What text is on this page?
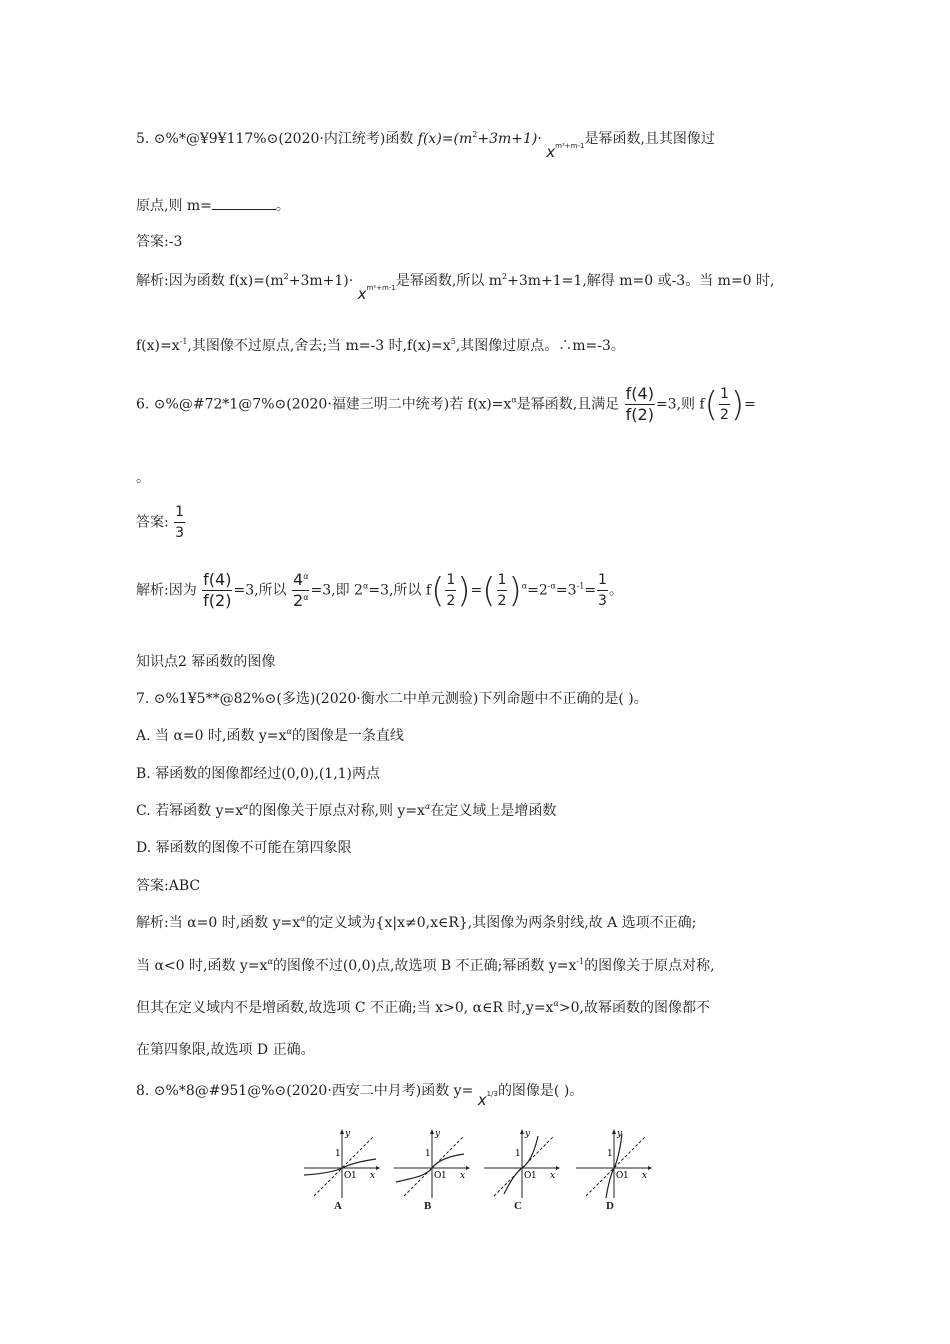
5. ⊙%*@¥9¥117%⊙(2020·内江统考)函数 $f(x)=(m^2+3m+1)\cdot x^{m^2+m-1}$是幂函数,且其图像过
原点,则 m=	。
答案:-3
解析:因为函数 $f(x)=(m^2+3m+1)\cdot x^{m^2+m-1}$是幂函数,所以 $m^2+3m+1=1$,解得 m=0 或-3。当 m=0 时,
$f(x)=x^{-1}$,其图像不过原点,舍去;当 m=-3 时$,f(x)=x^5$,其图像过原点。∴m=-3。
6. ⊙%@#72*1@7%⊙(2020·福建三明二中统考)若 $f(x)=x^\alpha$是幂函数,且满足 $\frac{f(4)}{f(2)} =3$,则 $f( \frac{1}{2}$ )=
。
答案: $\frac{1}{3}$
解析:因为 $\frac{f(4)}{f(2)} =3$,所以 $\frac{4^\alpha}{2^\alpha} =3$,即 $2^\alpha=3$,所以 $f( \frac{1}{2}$ )=( $\frac{1}{2} )^\alpha=2^{-\alpha}=3^{-1}= \frac{1}{3}$ 。
知识点2 幂函数的图像
7. ⊙%1¥5**@82%⊙(多选)(2020·衡水二中单元测验)下列命题中不正确的是( )。
A. 当 α=0 时,函数 $y=x^\alpha$的图像是一条直线
B. 幂函数的图像都经过(0,0),(1,1)两点
C. 若幂函数 $y=x^\alpha$的图像关于原点对称,则 $y=x^\alpha$在定义域上是增函数
D. 幂函数的图像不可能在第四象限
答案:ABC
解析:当 α=0 时,函数 $y=x^\alpha$的定义域为{x|x≠0,x∈R},其图像为两条射线,故 A 选项不正确;
当 α<0 时,函数 $y=x^\alpha$的图像不过(0,0)点,故选项 B 不正确;幂函数 $y=x^{-1}$的图像关于原点对称,
但其在定义域内不是增函数,故选项 C 不正确;当 x>0, α∈R 时$,y=x^\alpha>0$,故幂函数的图像都不
在第四象限,故选项 D 正确。
8. ⊙%*8@#951@%⊙(2020·西安二中月考)函数 $y= x^{1/3}$的图像是( )。
O 1
1
y
x
A
O 1
1
y
x
B
O 1
1
y
x
C
O 1
1
y
x
D
